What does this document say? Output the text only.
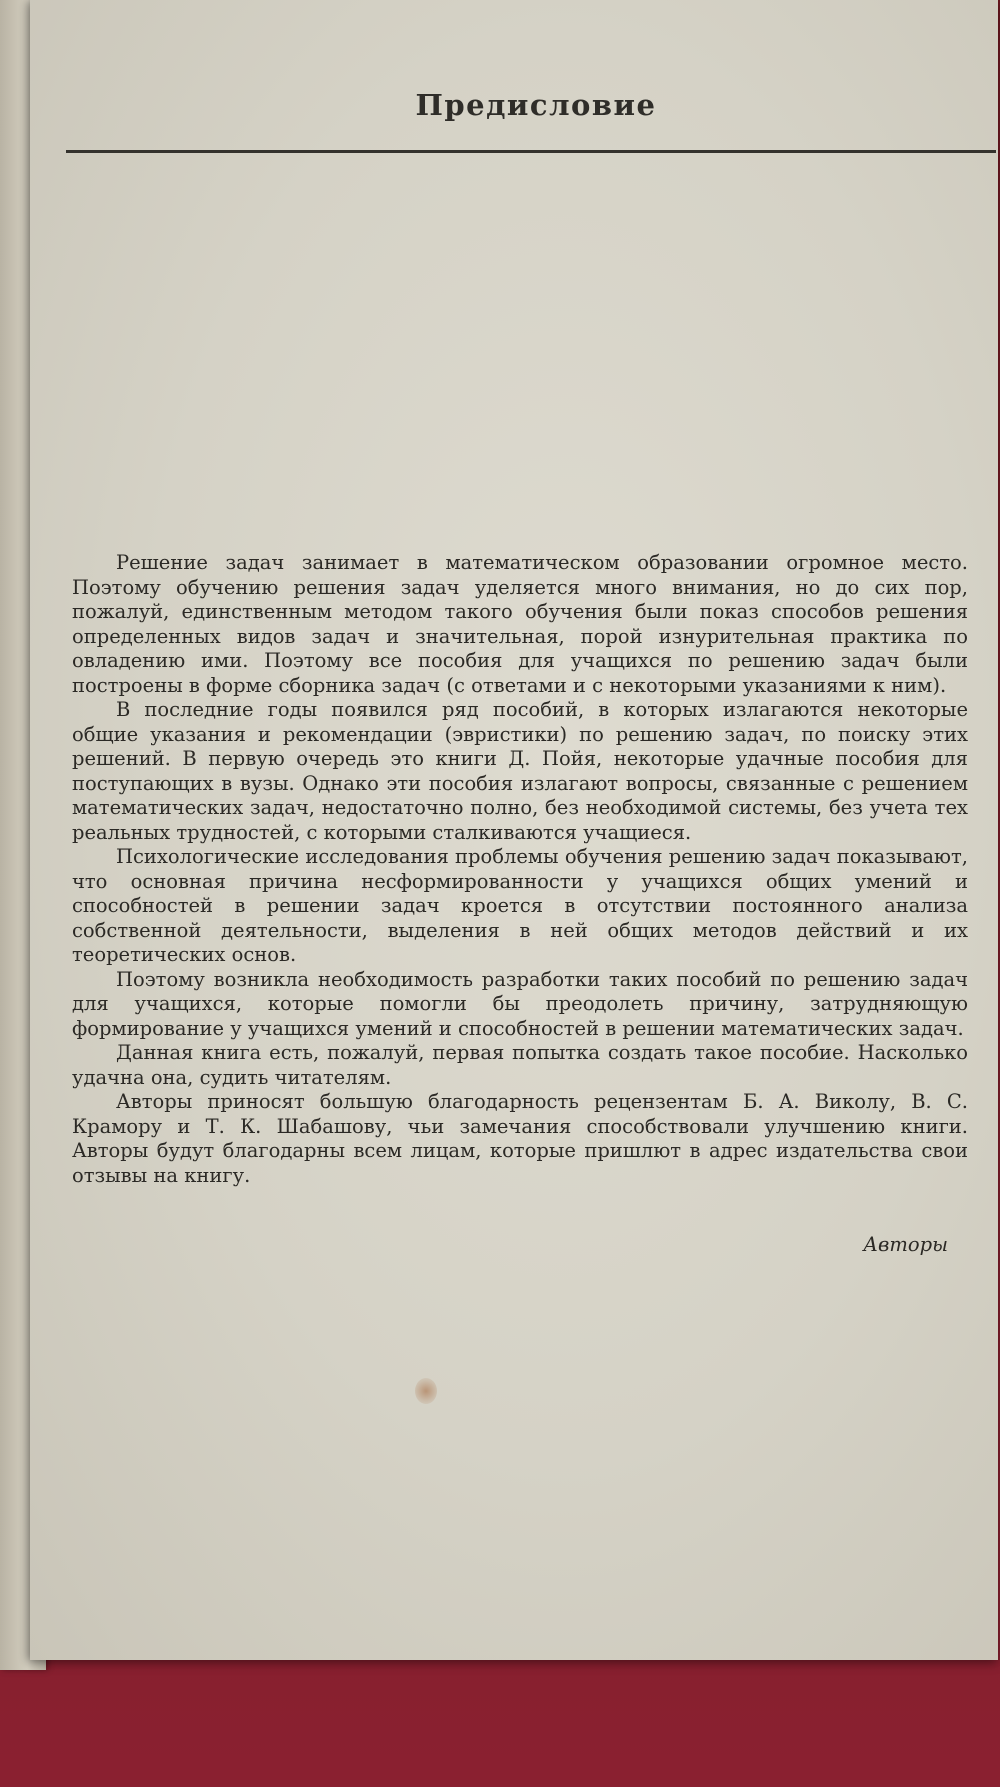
Предисловие

Решение задач занимает в математическом образовании огромное место. Поэтому обучению решения задач уделяется много внимания, но до сих пор, пожалуй, единственным методом такого обучения были показ способов решения определенных видов задач и значительная, порой изнурительная практика по овладению ими. Поэтому все пособия для учащихся по решению задач были построены в форме сборника задач (с ответами и с некоторыми указаниями к ним).

В последние годы появился ряд пособий, в которых излагаются некоторые общие указания и рекомендации (эвристики) по решению задач, по поиску этих решений. В первую очередь это книги Д. Пойя, некоторые удачные пособия для поступающих в вузы. Однако эти пособия излагают вопросы, связанные с решением математических задач, недостаточно полно, без необходимой системы, без учета тех реальных трудностей, с которыми сталкиваются учащиеся.

Психологические исследования проблемы обучения решению задач показывают, что основная причина несформированности у учащихся общих умений и способностей в решении задач кроется в отсутствии постоянного анализа собственной деятельности, выделения в ней общих методов действий и их теоретических основ.

Поэтому возникла необходимость разработки таких пособий по решению задач для учащихся, которые помогли бы преодолеть причину, затрудняющую формирование у учащихся умений и способностей в решении математических задач.

Данная книга есть, пожалуй, первая попытка создать такое пособие. Насколько удачна она, судить читателям.

Авторы приносят большую благодарность рецензентам Б. А. Виколу, В. С. Крамору и Т. К. Шабашову, чьи замечания способствовали улучшению книги. Авторы будут благодарны всем лицам, которые пришлют в адрес издательства свои отзывы на книгу.

Авторы
